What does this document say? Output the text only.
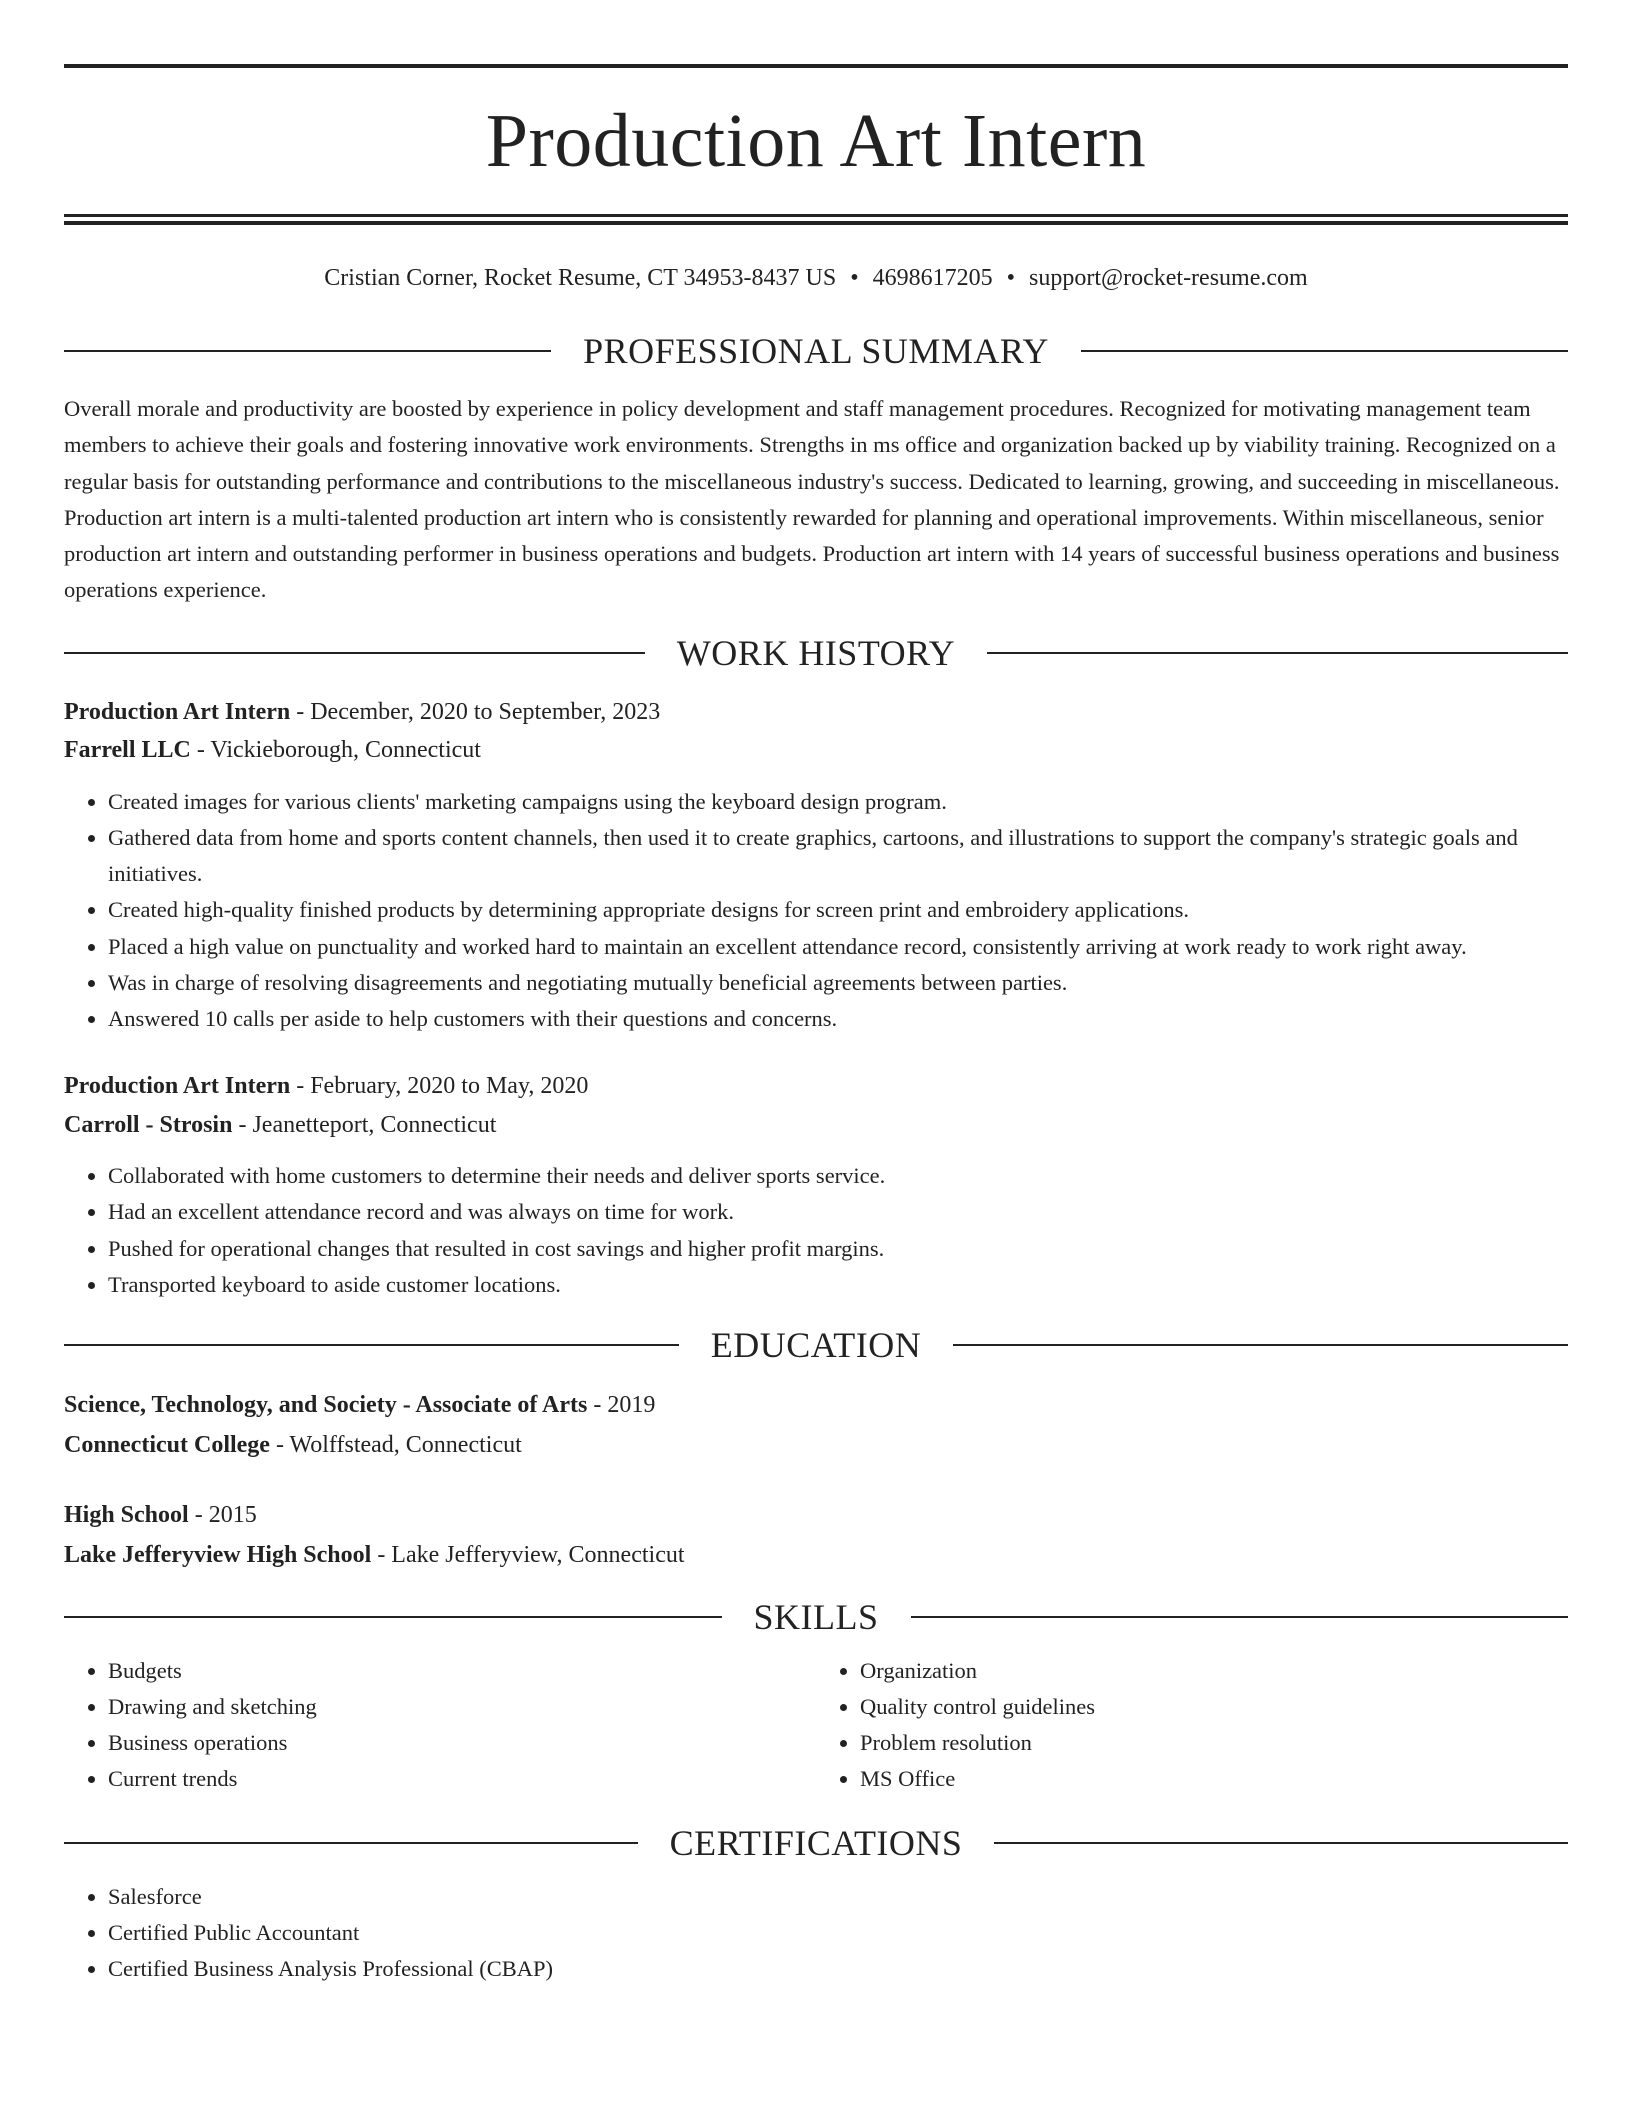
Production Art Intern
Cristian Corner, Rocket Resume, CT 34953-8437 US • 4698617205 • support@rocket-resume.com
PROFESSIONAL SUMMARY
Overall morale and productivity are boosted by experience in policy development and staff management procedures. Recognized for motivating management team members to achieve their goals and fostering innovative work environments. Strengths in ms office and organization backed up by viability training. Recognized on a regular basis for outstanding performance and contributions to the miscellaneous industry's success. Dedicated to learning, growing, and succeeding in miscellaneous. Production art intern is a multi-talented production art intern who is consistently rewarded for planning and operational improvements. Within miscellaneous, senior production art intern and outstanding performer in business operations and budgets. Production art intern with 14 years of successful business operations and business operations experience.
WORK HISTORY
Production Art Intern - December, 2020 to September, 2023
Farrell LLC - Vickieborough, Connecticut
• Created images for various clients' marketing campaigns using the keyboard design program.
• Gathered data from home and sports content channels, then used it to create graphics, cartoons, and illustrations to support the company's strategic goals and initiatives.
• Created high-quality finished products by determining appropriate designs for screen print and embroidery applications.
• Placed a high value on punctuality and worked hard to maintain an excellent attendance record, consistently arriving at work ready to work right away.
• Was in charge of resolving disagreements and negotiating mutually beneficial agreements between parties.
• Answered 10 calls per aside to help customers with their questions and concerns.
Production Art Intern - February, 2020 to May, 2020
Carroll - Strosin - Jeanetteport, Connecticut
• Collaborated with home customers to determine their needs and deliver sports service.
• Had an excellent attendance record and was always on time for work.
• Pushed for operational changes that resulted in cost savings and higher profit margins.
• Transported keyboard to aside customer locations.
EDUCATION
Science, Technology, and Society - Associate of Arts - 2019
Connecticut College - Wolffstead, Connecticut
High School - 2015
Lake Jefferyview High School - Lake Jefferyview, Connecticut
SKILLS
• Budgets
• Drawing and sketching
• Business operations
• Current trends
• Organization
• Quality control guidelines
• Problem resolution
• MS Office
CERTIFICATIONS
• Salesforce
• Certified Public Accountant
• Certified Business Analysis Professional (CBAP)
